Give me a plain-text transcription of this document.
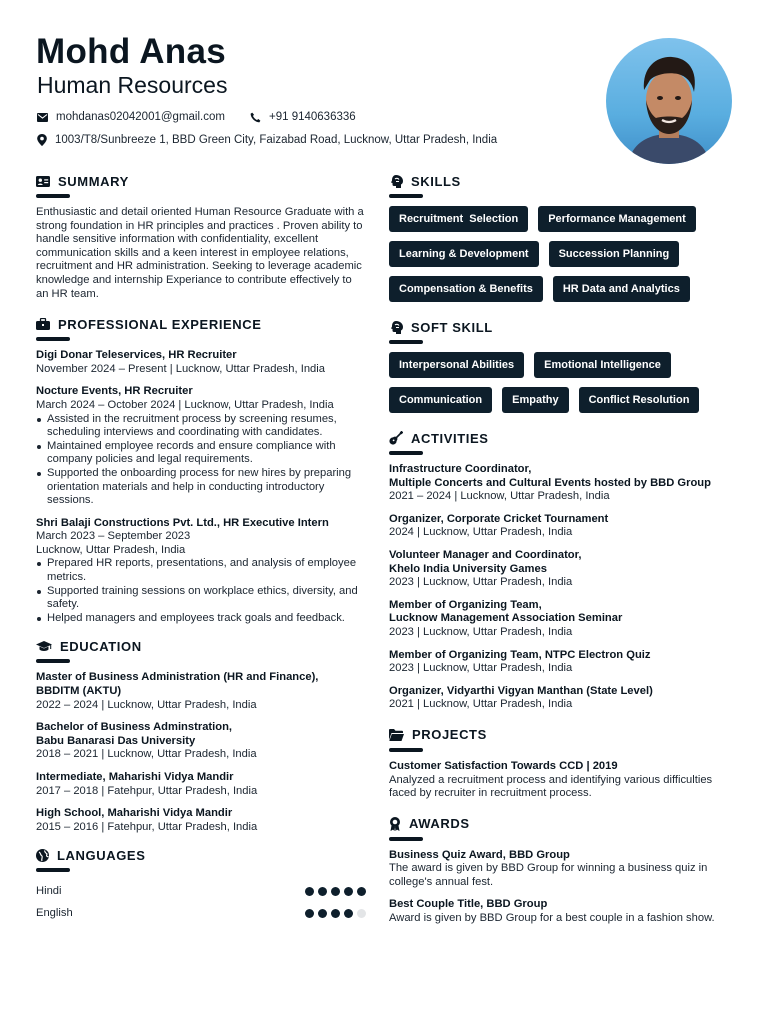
Mohd Anas
Human Resources
mohdanas02042001@gmail.com	+91 9140636336
1003/T8/Sunbreeze 1, BBD Green City, Faizabad Road, Lucknow, Uttar Pradesh, India
SUMMARY

Enthusiastic and detail oriented Human Resource Graduate with a strong foundation in HR principles and practices . Proven ability to handle sensitive information with confidentiality, excellent communication skills and a keen interest in employee relations, recruitment and HR administration. Seeking to leverage academic knowledge and internship Experiance to contribute effectively to an HR team.

PROFESSIONAL EXPERIENCE
Digi Donar Teleservices, HR Recruiter
November 2024 – Present | Lucknow, Uttar Pradesh, India
Nocture Events, HR Recruiter
March 2024 – October 2024 | Lucknow, Uttar Pradesh, India
Assisted in the recruitment process by screening resumes, scheduling interviews and coordinating with candidates.
Maintained employee records and ensure compliance with company policies and legal requirements.
Supported the onboarding process for new hires by preparing orientation materials and help in conducting introductory sessions.
Shri Balaji Constructions Pvt. Ltd., HR Executive Intern
March 2023 – September 2023
Lucknow, Uttar Pradesh, India
Prepared HR reports, presentations, and analysis of employee metrics.
Supported training sessions on workplace ethics, diversity, and safety.
Helped managers and employees track goals and feedback.
EDUCATION
Master of Business Administration (HR and Finance),
BBDITM (AKTU)
2022 – 2024 | Lucknow, Uttar Pradesh, India
Bachelor of Business Adminstration,
Babu Banarasi Das University
2018 – 2021 | Lucknow, Uttar Pradesh, India
Intermediate, Maharishi Vidya Mandir
2017 – 2018 | Fatehpur, Uttar Pradesh, India
High School, Maharishi Vidya Mandir
2015 – 2016 | Fatehpur, Uttar Pradesh, India
LANGUAGES
Hindi
English
SKILLS
Recruitment  Selection	Performance Management
Learning & Development	Succession Planning
Compensation & Benefits	HR Data and Analytics
SOFT SKILL
Interpersonal Abilities	Emotional Intelligence
Communication	Empathy	Conflict Resolution
ACTIVITIES
Infrastructure Coordinator,
Multiple Concerts and Cultural Events hosted by BBD Group
2021 – 2024 | Lucknow, Uttar Pradesh, India
Organizer, Corporate Cricket Tournament
2024 | Lucknow, Uttar Pradesh, India
Volunteer Manager and Coordinator,
Khelo India University Games
2023 | Lucknow, Uttar Pradesh, India
Member of Organizing Team,
Lucknow Management Association Seminar
2023 | Lucknow, Uttar Pradesh, India
Member of Organizing Team, NTPC Electron Quiz
2023 | Lucknow, Uttar Pradesh, India
Organizer, Vidyarthi Vigyan Manthan (State Level)
2021 | Lucknow, Uttar Pradesh, India
PROJECTS
Customer Satisfaction Towards CCD | 2019
Analyzed a recruitment process and identifying various difficulties faced by recruiter in recruitment process.
AWARDS
Business Quiz Award, BBD Group
The award is given by BBD Group for winning a business quiz in college's annual fest.
Best Couple Title, BBD Group
Award is given by BBD Group for a best couple in a fashion show.
